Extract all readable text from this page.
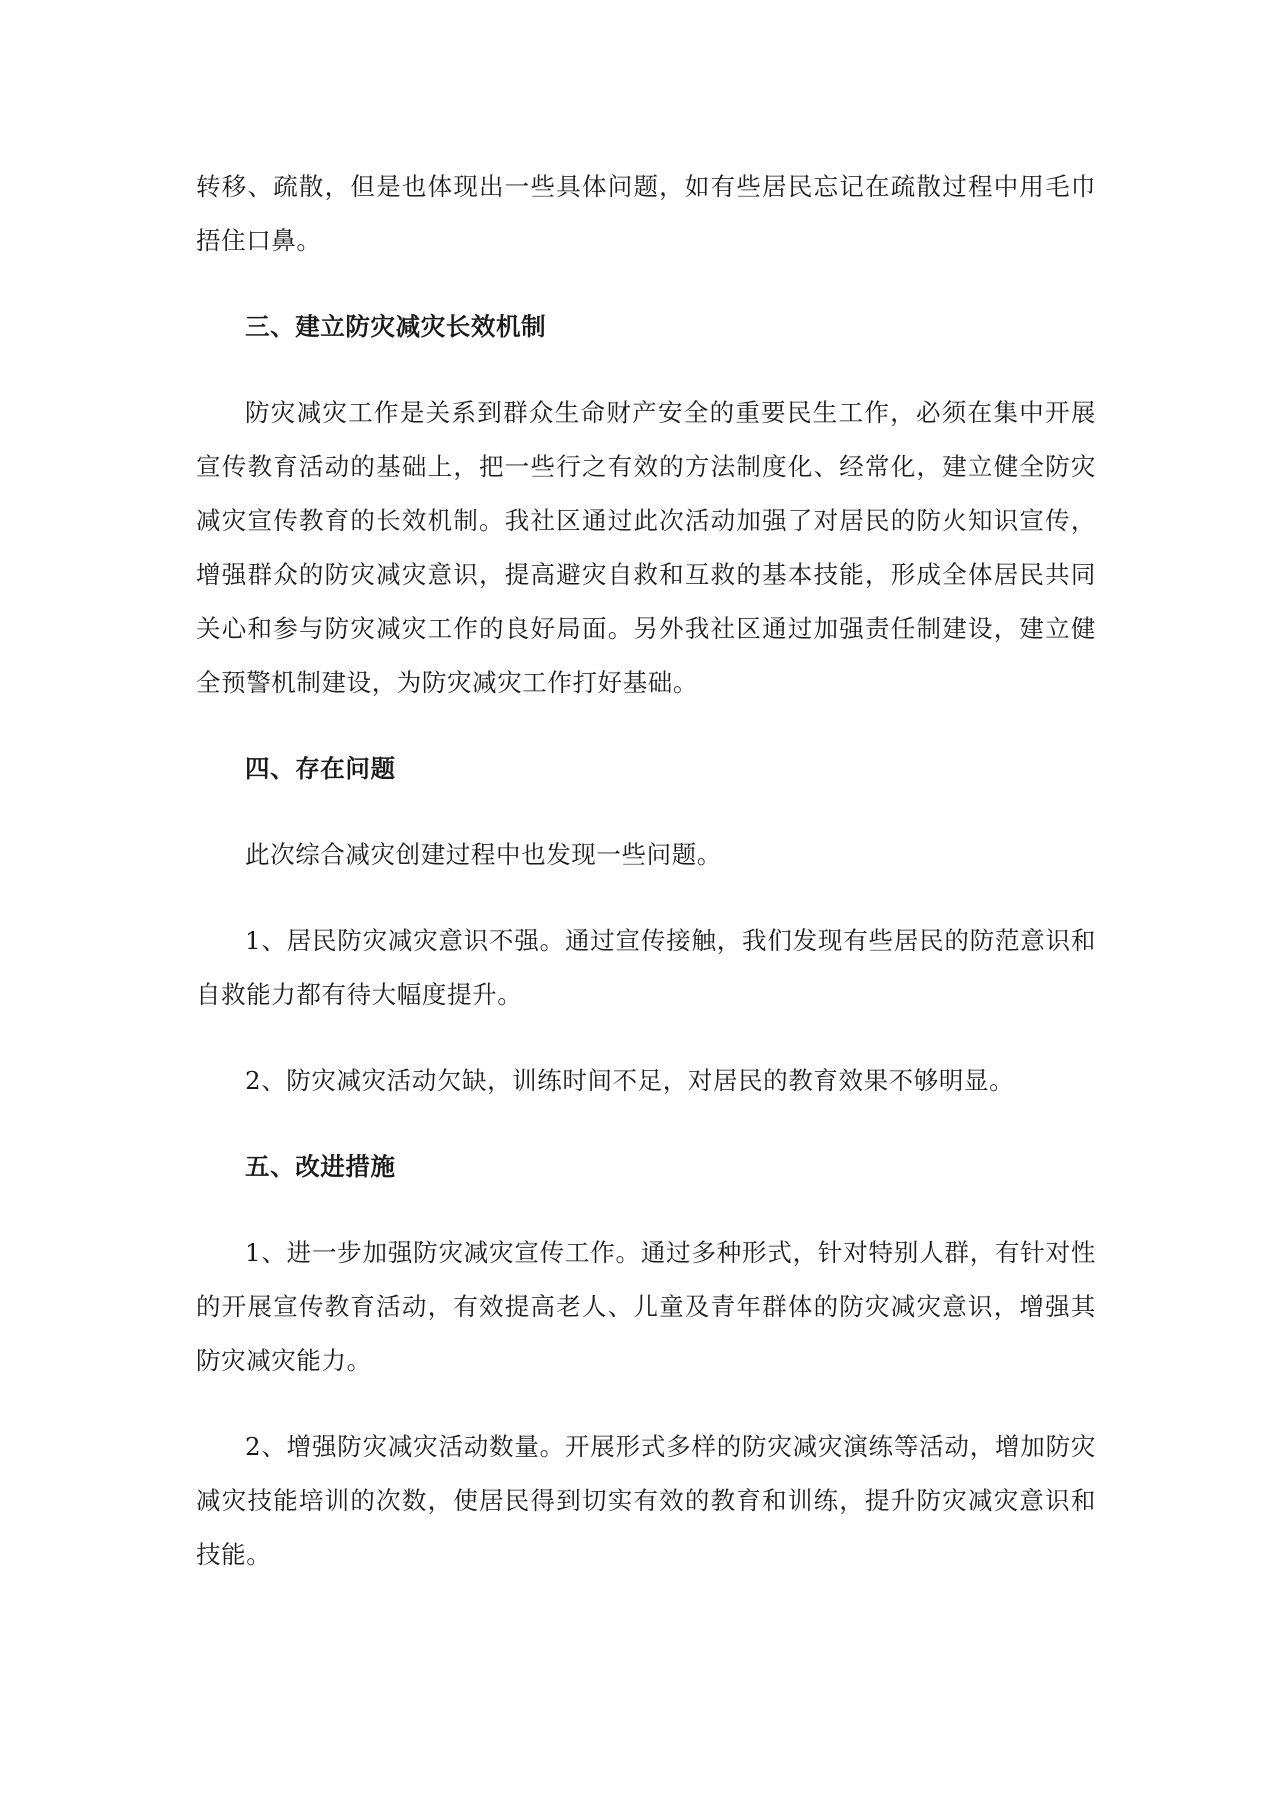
转移、疏散，但是也体现出一些具体问题，如有些居民忘记在疏散过程中用毛巾捂住口鼻。

三、建立防灾减灾长效机制

防灾减灾工作是关系到群众生命财产安全的重要民生工作，必须在集中开展宣传教育活动的基础上，把一些行之有效的方法制度化、经常化，建立健全防灾减灾宣传教育的长效机制。我社区通过此次活动加强了对居民的防火知识宣传，增强群众的防灾减灾意识，提高避灾自救和互救的基本技能，形成全体居民共同关心和参与防灾减灾工作的良好局面。另外我社区通过加强责任制建设，建立健全预警机制建设，为防灾减灾工作打好基础。

四、存在问题

此次综合减灾创建过程中也发现一些问题。

1、居民防灾减灾意识不强。通过宣传接触，我们发现有些居民的防范意识和自救能力都有待大幅度提升。

2、防灾减灾活动欠缺，训练时间不足，对居民的教育效果不够明显。

五、改进措施

1、进一步加强防灾减灾宣传工作。通过多种形式，针对特别人群，有针对性的开展宣传教育活动，有效提高老人、儿童及青年群体的防灾减灾意识，增强其防灾减灾能力。

2、增强防灾减灾活动数量。开展形式多样的防灾减灾演练等活动，增加防灾减灾技能培训的次数，使居民得到切实有效的教育和训练，提升防灾减灾意识和技能。
